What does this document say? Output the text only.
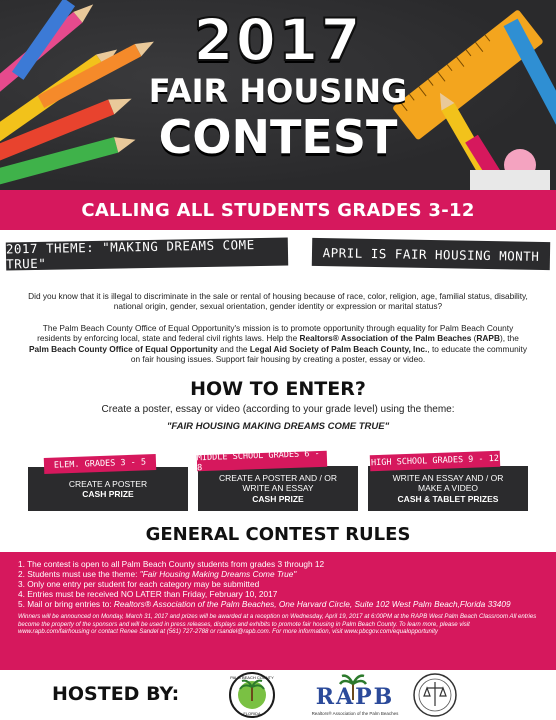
2017
FAIR HOUSING
CONTEST
CALLING ALL STUDENTS GRADES 3-12
2017 THEME: "MAKING DREAMS COME TRUE"
APRIL IS FAIR HOUSING MONTH
Did you know that it is illegal to discriminate in the sale or rental of housing because of race, color, religion, age, familial status, disability, national origin, gender, sexual orientation, gender identity or expression or marital status?
The Palm Beach County Office of Equal Opportunity's mission is to promote opportunity through equality for Palm Beach County residents by enforcing local, state and federal civil rights laws. Help the Realtors® Association of the Palm Beaches (RAPB), the Palm Beach County Office of Equal Opportunity and the Legal Aid Society of Palm Beach County, Inc., to educate the community on fair housing issues. Support fair housing by creating a poster, essay or video.
HOW TO ENTER?
Create a poster, essay or video (according to your grade level) using the theme:
"FAIR HOUSING MAKING DREAMS COME TRUE"
ELEM. GRADES 3 - 5
CREATE A POSTER
CASH PRIZE
MIDDLE SCHOOL GRADES 6 - 8
CREATE A POSTER AND / OR
WRITE AN ESSAY
CASH PRIZE
HIGH SCHOOL GRADES 9 - 12
WRITE AN ESSAY AND / OR
MAKE A VIDEO
CASH & TABLET PRIZES
GENERAL CONTEST RULES
1. The contest is open to all Palm Beach County students from grades 3 through 12
2. Students must use the theme: "Fair Housing Making Dreams Come True"
3. Only one entry per student for each category may be submitted
4. Entries must be received NO LATER than Friday, February 10, 2017
5. Mail or bring entries to: Realtors® Association of the Palm Beaches, One Harvard Circle, Suite 102 West Palm Beach,Florida 33409
Winners will be announced on Monday, March 31, 2017 and prizes will be awarded at a reception on Wednesday, April 19, 2017 at 6:00PM at the RAPB West Palm Beach Classroom All entries become the property of the sponsors and will be used in press releases, displays and exhibits to promote fair housing in Palm Beach County. To learn more, please visit www.rapb.com/fairhousing or contact Renee Sandel at (561) 727-2788 or rsandel@rapb.com. For more information, visit www.pbcgov.com/equalopportunity
HOSTED BY:
PALM BEACH COUNTY
FLORIDA
RAPB
Realtors® Association of the Palm Beaches
